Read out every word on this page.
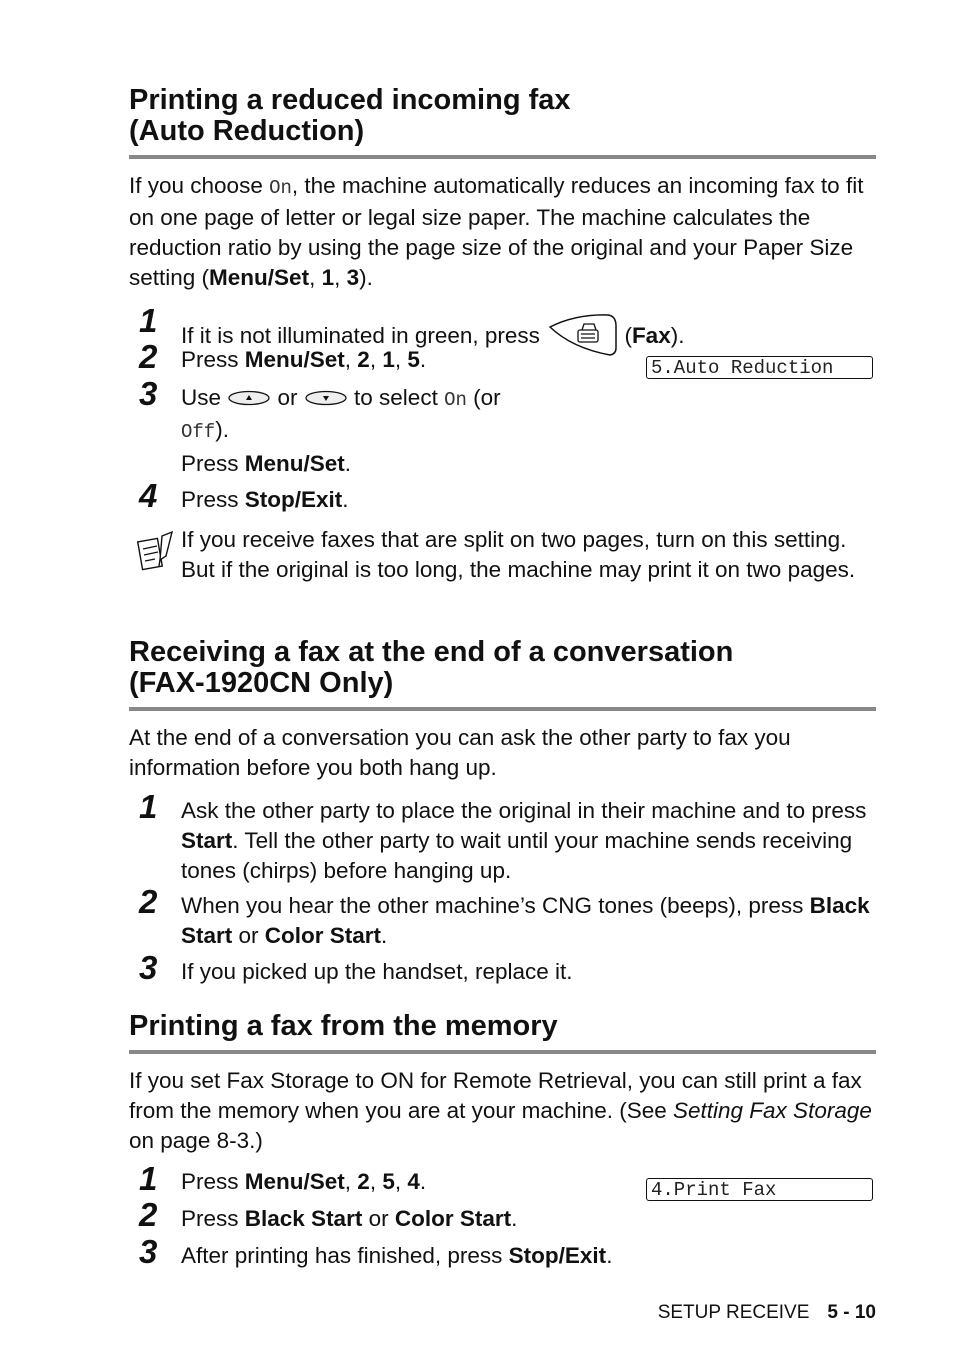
Printing a reduced incoming fax
(Auto Reduction)
If you choose On, the machine automatically reduces an incoming fax to fit on one page of letter or legal size paper. The machine calculates the reduction ratio by using the page size of the original and your Paper Size setting (Menu/Set, 1, 3).
1	If it is not illuminated in green, press	(Fax).
2	Press Menu/Set, 2, 1, 5.	5.Auto Reduction
3	Use  or  to select On (or
Off).
Press Menu/Set.
4	Press Stop/Exit.
If you receive faxes that are split on two pages, turn on this setting. But if the original is too long, the machine may print it on two pages.
Receiving a fax at the end of a conversation
(FAX-1920CN Only)
At the end of a conversation you can ask the other party to fax you information before you both hang up.
1	Ask the other party to place the original in their machine and to press Start. Tell the other party to wait until your machine sends receiving tones (chirps) before hanging up.
2	When you hear the other machine’s CNG tones (beeps), press Black Start or Color Start.
3	If you picked up the handset, replace it.
Printing a fax from the memory
If you set Fax Storage to ON for Remote Retrieval, you can still print a fax from the memory when you are at your machine. (See Setting Fax Storage on page 8-3.)
1	Press Menu/Set, 2, 5, 4.	4.Print Fax
2	Press Black Start or Color Start.
3	After printing has finished, press Stop/Exit.
SETUP RECEIVE 5 - 10
